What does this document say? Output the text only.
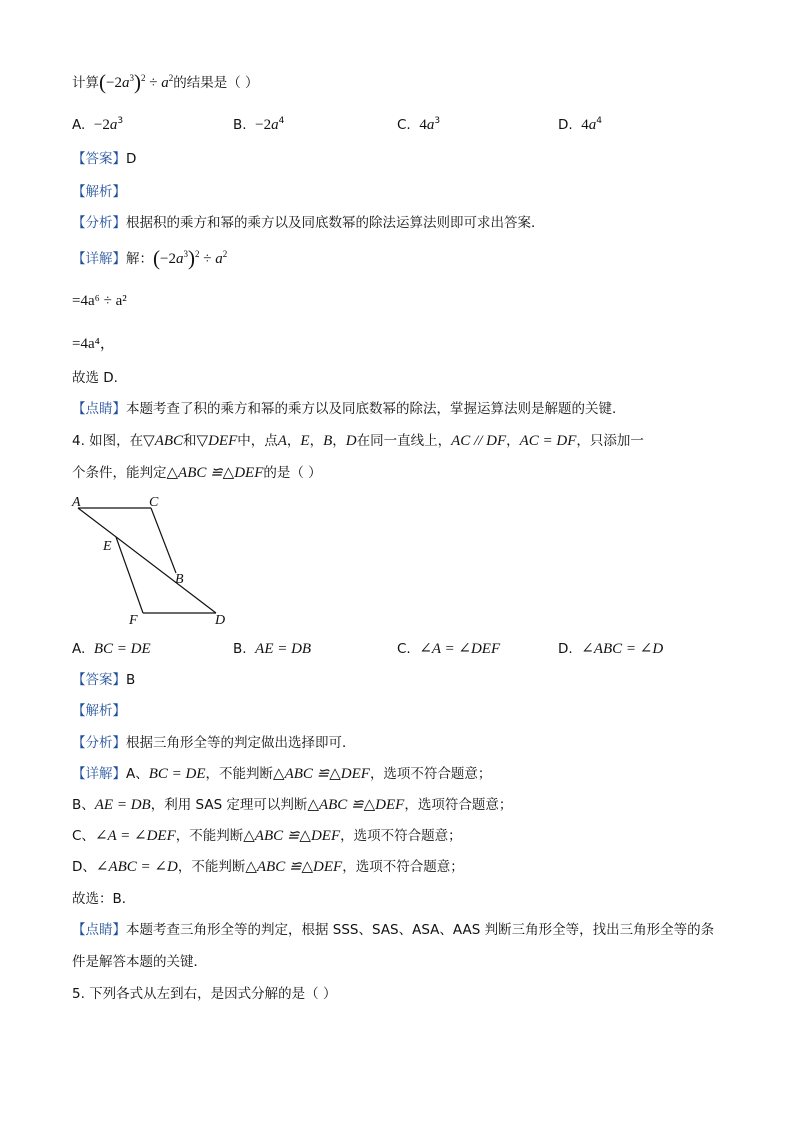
计算$(-2a^3)^2 \div a^2$的结果是（ ）
A. $-2a^3$	B. $-2a^4$	C. $4a^3$	D. $4a^4$
【答案】D
【解析】
【分析】根据积的乘方和幂的乘方以及同底数幂的除法运算法则即可求出答案．
【详解】解：$(-2a^3)^2 \div a^2$
=4a⁶ ÷ a²
=4a⁴，
故选 D.
【点睛】本题考查了积的乘方和幂的乘方以及同底数幂的除法，掌握运算法则是解题的关键.
4. 如图，在▽ABC和▽DEF中，点A，E，B，D在同一直线上，AC // DF，AC = DF，只添加一
个条件，能判定△ABC ≌△DEF的是（ ）
A	C
E
B
F	D
A. BC = DE	B. AE = DB	C. ∠A = ∠DEF	D. ∠ABC = ∠D
【答案】B
【解析】
【分析】根据三角形全等的判定做出选择即可．
【详解】A、BC = DE，不能判断△ABC ≌△DEF，选项不符合题意；
B、AE = DB，利用 SAS 定理可以判断△ABC ≌△DEF，选项符合题意；
C、∠A = ∠DEF，不能判断△ABC ≌△DEF，选项不符合题意；
D、∠ABC = ∠D，不能判断△ABC ≌△DEF，选项不符合题意；
故选：B．
【点睛】本题考查三角形全等的判定，根据 SSS、SAS、ASA、AAS 判断三角形全等，找出三角形全等的条
件是解答本题的关键．
5. 下列各式从左到右，是因式分解的是（ ）
